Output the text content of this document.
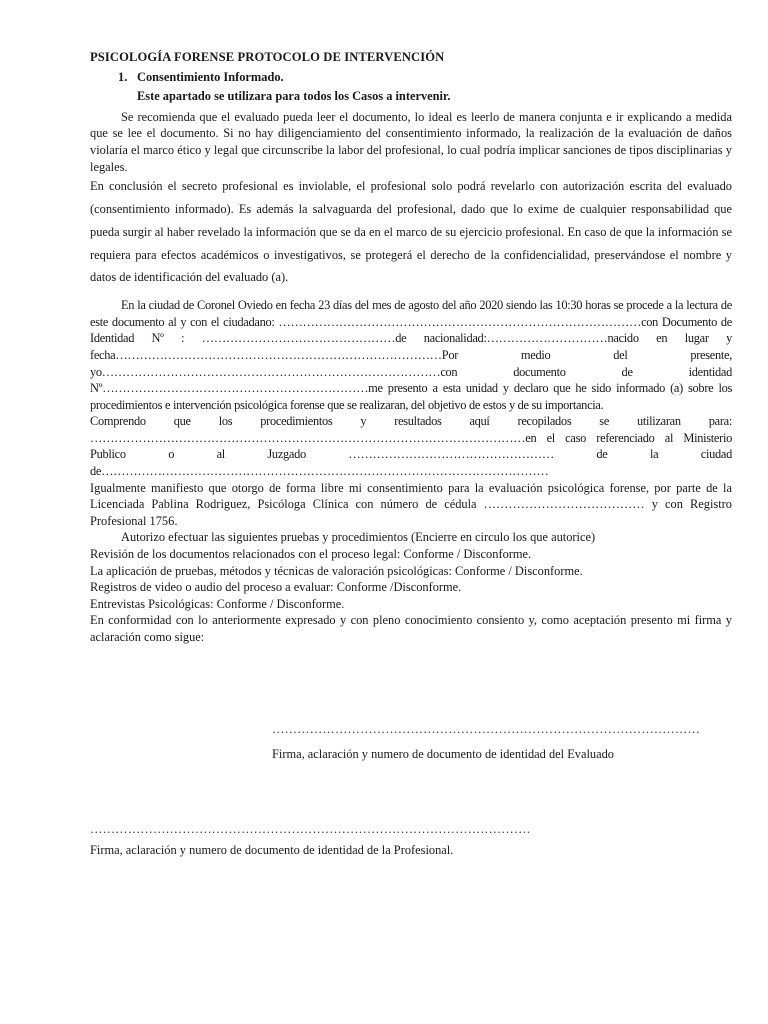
PSICOLOGÍA FORENSE PROTOCOLO DE INTERVENCIÓN
1. Consentimiento Informado.
Este apartado se utilizara para todos los Casos a intervenir.

Se recomienda que el evaluado pueda leer el documento, lo ideal es leerlo de manera conjunta e ir explicando a medida que se lee el documento. Si no hay diligenciamiento del consentimiento informado, la realización de la evaluación de daños violaría el marco ético y legal que circunscribe la labor del profesional, lo cual podría implicar sanciones de tipos disciplinarias y legales.

En conclusión el secreto profesional es inviolable, el profesional solo podrá revelarlo con autorización escrita del evaluado (consentimiento informado). Es además la salvaguarda del profesional, dado que lo exime de cualquier responsabilidad que pueda surgir al haber revelado la información que se da en el marco de su ejercicio profesional. En caso de que la información se requiera para efectos académicos o investigativos, se protegerá el derecho de la confidencialidad, preservándose el nombre y datos de identificación del evaluado (a).

En la ciudad de Coronel Oviedo en fecha 23 días del mes de agosto del año 2020 siendo las 10:30 horas se procede a la lectura de este documento al y con el ciudadano: ………………………………………………………………………………con Documento de Identidad Nº : …………………………………………de nacionalidad:…………………………nacido en lugar y fecha………………………………………………………………………Por medio del presente, yo…………………………………………………………………………con documento de identidad Nº…………………………………………………………me presento a esta unidad y declaro que he sido informado (a) sobre los procedimientos e intervención psicológica forense que se realizaran, del objetivo de estos y de su importancia.

Comprendo que los procedimientos y resultados aquí recopilados se utilizaran para: ………………………………………………………………………………………………en el caso referenciado al Ministerio Publico o al Juzgado …………………………………………… de la ciudad de…………………………………………………………………………………………………

Igualmente manifiesto que otorgo de forma libre mi consentimiento para la evaluación psicológica forense, por parte de la Licenciada Pablina Rodriguez, Psicóloga Clínica con número de cédula ………………………………… y con Registro Profesional 1756.

Autorizo efectuar las siguientes pruebas y procedimientos (Encierre en circulo los que autorice)

Revisión de los documentos relacionados con el proceso legal: Conforme / Disconforme.

La aplicación de pruebas, métodos y técnicas de valoración psicológicas: Conforme / Disconforme.

Registros de video o audio del proceso a evaluar: Conforme /Disconforme.

Entrevistas Psicológicas: Conforme / Disconforme.

En conformidad con lo anteriormente expresado y con pleno conocimiento consiento y, como aceptación presento mi firma y aclaración como sigue:

…………………………………………………………………………………………
Firma, aclaración y numero de documento de identidad del Evaluado
……………………………………………………………………………………………
Firma, aclaración y numero de documento de identidad de la Profesional.
